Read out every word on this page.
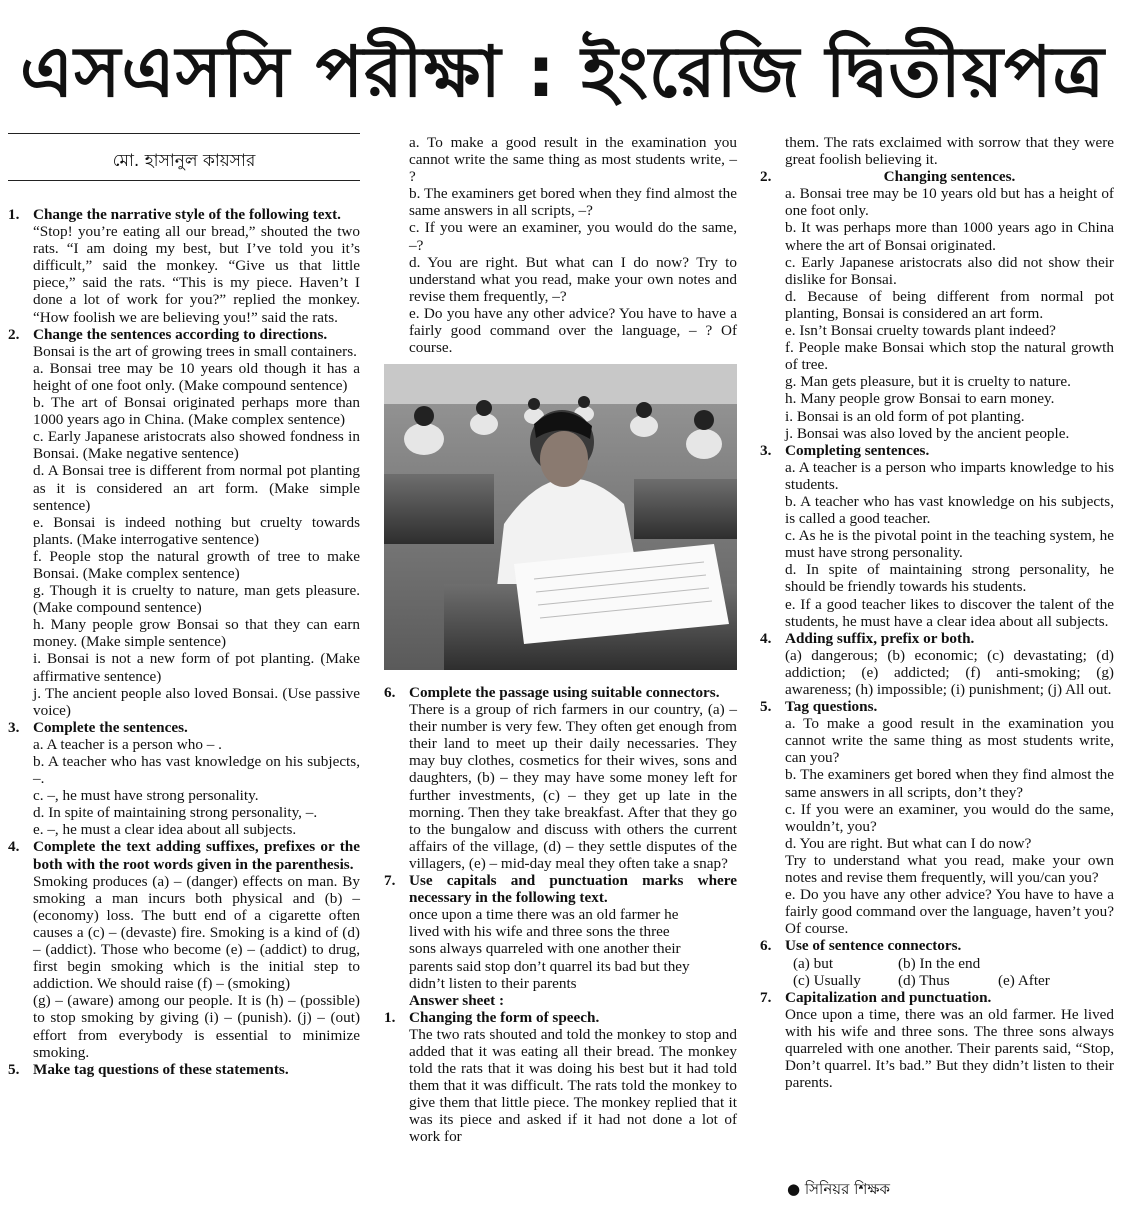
এসএসসি পরীক্ষা : ইংরেজি দ্বিতীয়পত্র
মো. হাসানুল কায়সার
1. Change the narrative style of the following text.
“Stop! you’re eating all our bread,” shouted the two rats. “I am doing my best, but I’ve told you it’s difficult,” said the monkey. “Give us that little piece,” said the rats. “This is my piece. Haven’t I done a lot of work for you?” replied the monkey. “How foolish we are believing you!” said the rats.
2. Change the sentences according to directions.
Bonsai is the art of growing trees in small containers.
a. Bonsai tree may be 10 years old though it has a height of one foot only. (Make compound sentence)
b. The art of Bonsai originated perhaps more than 1000 years ago in China. (Make complex sentence)
c. Early Japanese aristocrats also showed fondness in Bonsai. (Make negative sentence)
d. A Bonsai tree is different from normal pot planting as it is considered an art form. (Make simple sentence)
e. Bonsai is indeed nothing but cruelty towards plants. (Make interrogative sentence)
f. People stop the natural growth of tree to make Bonsai. (Make complex sentence)
g. Though it is cruelty to nature, man gets pleasure. (Make compound sentence)
h. Many people grow Bonsai so that they can earn money. (Make simple sentence)
i. Bonsai is not a new form of pot planting. (Make affirmative sentence)
j. The ancient people also loved Bonsai. (Use passive voice)
3. Complete the sentences.
a. A teacher is a person who – .
b. A teacher who has vast knowledge on his subjects, –.
c. –, he must have strong personality.
d. In spite of maintaining strong personality, –.
e. –, he must a clear idea about all subjects.
4. Complete the text adding suffixes, prefixes or the both with the root words given in the parenthesis.
Smoking produces (a) – (danger) effects on man. By smoking a man incurs both physical and (b) – (economy) loss. The butt end of a cigarette often causes a (c) – (devaste) fire. Smoking is a kind of (d) – (addict). Those who become (e) – (addict) to drug, first begin smoking which is the initial step to addiction. We should raise (f) – (smoking)
(g) – (aware) among our people. It is (h) – (possible) to stop smoking by giving (i) – (punish). (j) – (out) effort from everybody is essential to minimize smoking.
5. Make tag questions of these statements.
a. To make a good result in the examination you cannot write the same thing as most students write, – ?
b. The examiners get bored when they find almost the same answers in all scripts, –?
c. If you were an examiner, you would do the same, –?
d. You are right. But what can I do now? Try to understand what you read, make your own notes and revise them frequently, –?
e. Do you have any other advice? You have to have a fairly good command over the language, – ? Of course.
6. Complete the passage using suitable connectors.
There is a group of rich farmers in our country, (a) – their number is very few. They often get enough from their land to meet up their daily necessaries. They may buy clothes, cosmetics for their wives, sons and daughters, (b) – they may have some money left for further investments, (c) – they get up late in the morning. Then they take breakfast. After that they go to the bungalow and discuss with others the current affairs of the village, (d) – they settle disputes of the villagers, (e) – mid-day meal they often take a snap?
7. Use capitals and punctuation marks where necessary in the following text.
once upon a time there was an old farmer he
lived with his wife and three sons the three
sons always quarreled with one another their
parents said stop don’t quarrel its bad but they
didn’t listen to their parents
Answer sheet :
1. Changing the form of speech.
The two rats shouted and told the monkey to stop and added that it was eating all their bread. The monkey told the rats that it was doing his best but it had told them that it was difficult. The rats told the monkey to give them that little piece. The monkey replied that it was its piece and asked if it had not done a lot of work for
them. The rats exclaimed with sorrow that they were great foolish believing it.
2.	Changing sentences.
a. Bonsai tree may be 10 years old but has a height of one foot only.
b. It was perhaps more than 1000 years ago in China where the art of Bonsai originated.
c. Early Japanese aristocrats also did not show their dislike for Bonsai.
d. Because of being different from normal pot planting, Bonsai is considered an art form.
e. Isn’t Bonsai cruelty towards plant indeed?
f. People make Bonsai which stop the natural growth of tree.
g. Man gets pleasure, but it is cruelty to nature.
h. Many people grow Bonsai to earn money.
i. Bonsai is an old form of pot planting.
j. Bonsai was also loved by the ancient people.
3. Completing sentences.
a. A teacher is a person who imparts knowledge to his students.
b. A teacher who has vast knowledge on his subjects, is called a good teacher.
c. As he is the pivotal point in the teaching system, he must have strong personality.
d. In spite of maintaining strong personality, he should be friendly towards his students.
e. If a good teacher likes to discover the talent of the students, he must have a clear idea about all subjects.
4. Adding suffix, prefix or both.
(a) dangerous; (b) economic; (c) devastating; (d) addiction; (e) addicted; (f) anti-smoking; (g) awareness; (h) impossible; (i) punishment; (j) All out.
5. Tag questions.
a. To make a good result in the examination you cannot write the same thing as most students write, can you?
b. The examiners get bored when they find almost the same answers in all scripts, don’t they?
c. If you were an examiner, you would do the same, wouldn’t, you?
d. You are right. But what can I do now?
Try to understand what you read, make your own notes and revise them frequently, will you/can you?
e. Do you have any other advice? You have to have a fairly good command over the language, haven’t you? Of course.
6. Use of sentence connectors.
(a) but	(b) In the end
(c) Usually	(d) Thus	(e) After
7. Capitalization and punctuation.
Once upon a time, there was an old farmer. He lived with his wife and three sons. The three sons always quarreled with one another. Their parents said, “Stop, Don’t quarrel. It’s bad.” But they didn’t listen to their parents.
● সিনিয়র শিক্ষক
